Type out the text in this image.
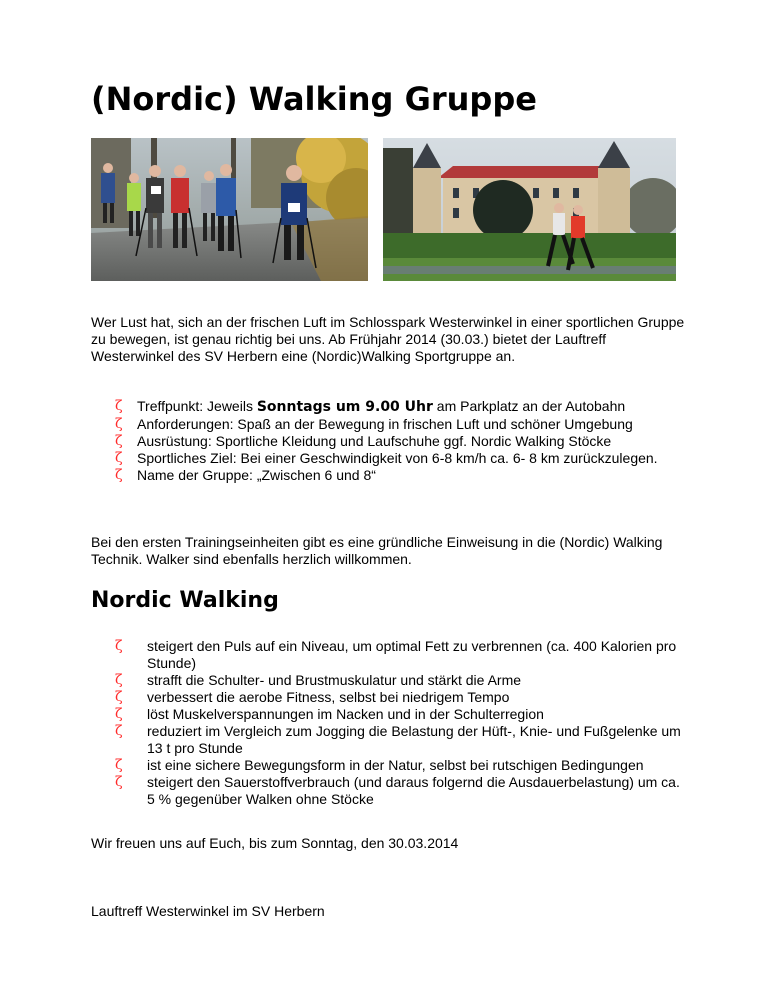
(Nordic) Walking Gruppe

Wer Lust hat, sich an der frischen Luft im Schlosspark Westerwinkel in einer sportlichen Gruppe zu bewegen, ist genau richtig bei uns. Ab Frühjahr 2014 (30.03.) bietet der Lauftreff Westerwinkel des SV Herbern eine (Nordic)Walking Sportgruppe an.

ζ Treffpunkt: Jeweils Sonntags um 9.00 Uhr am Parkplatz an der Autobahn
ζ Anforderungen: Spaß an der Bewegung in frischen Luft und schöner Umgebung
ζ Ausrüstung: Sportliche Kleidung und Laufschuhe ggf. Nordic Walking Stöcke
ζ Sportliches Ziel: Bei einer Geschwindigkeit von 6-8 km/h ca. 6- 8 km zurückzulegen.
ζ Name der Gruppe: „Zwischen 6 und 8“

Bei den ersten Trainingseinheiten gibt es eine gründliche Einweisung in die (Nordic) Walking Technik. Walker sind ebenfalls herzlich willkommen.

Nordic Walking
ζ steigert den Puls auf ein Niveau, um optimal Fett zu verbrennen (ca. 400 Kalorien pro Stunde)
ζ strafft die Schulter- und Brustmuskulatur und stärkt die Arme
ζ verbessert die aerobe Fitness, selbst bei niedrigem Tempo
ζ löst Muskelverspannungen im Nacken und in der Schulterregion
ζ reduziert im Vergleich zum Jogging die Belastung der Hüft-, Knie- und Fußgelenke um 13 t pro Stunde
ζ ist eine sichere Bewegungsform in der Natur, selbst bei rutschigen Bedingungen
ζ steigert den Sauerstoffverbrauch (und daraus folgernd die Ausdauerbelastung) um ca. 5 % gegenüber Walken ohne Stöcke

Wir freuen uns auf Euch, bis zum Sonntag, den 30.03.2014

Lauftreff Westerwinkel im SV Herbern
